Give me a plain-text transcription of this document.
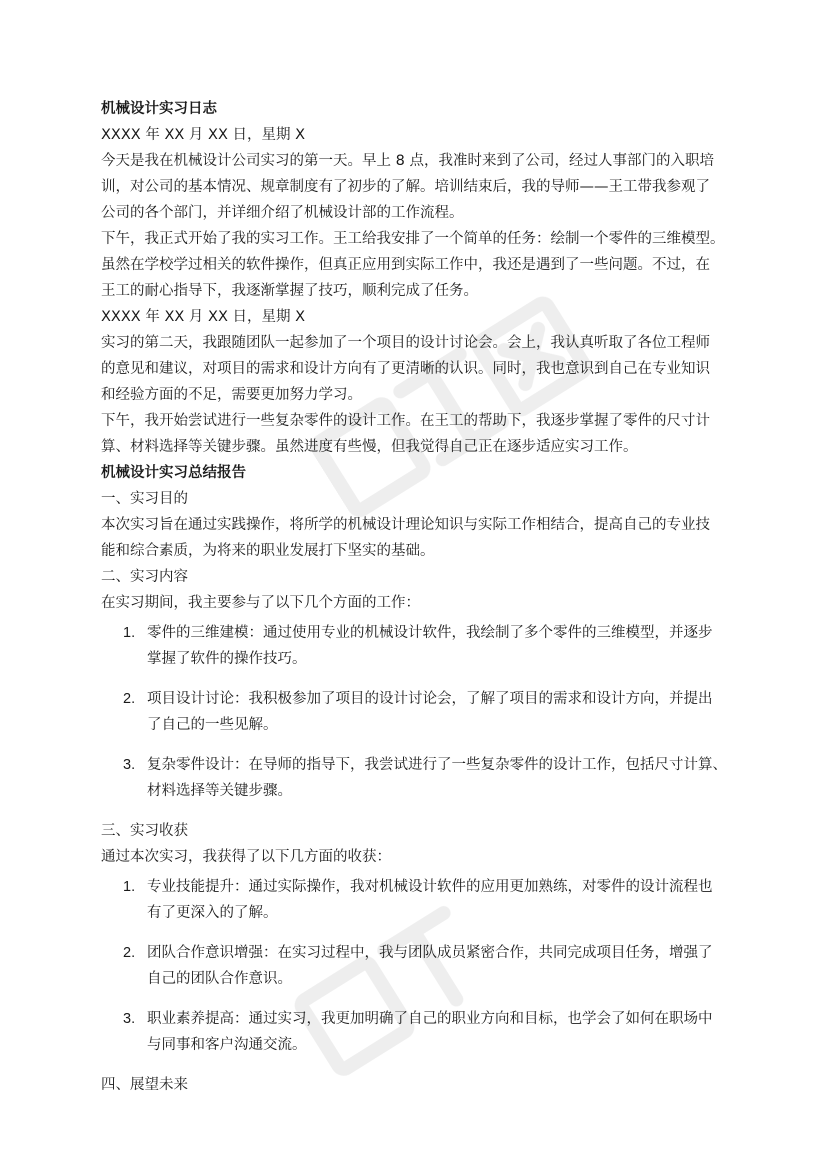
机械设计实习日志

XXXX 年 XX 月 XX 日，星期 X

今天是我在机械设计公司实习的第一天。早上 8 点，我准时来到了公司，经过人事部门的入职培

训，对公司的基本情况、规章制度有了初步的了解。培训结束后，我的导师——王工带我参观了

公司的各个部门，并详细介绍了机械设计部的工作流程。

下午，我正式开始了我的实习工作。王工给我安排了一个简单的任务：绘制一个零件的三维模型。

虽然在学校学过相关的软件操作，但真正应用到实际工作中，我还是遇到了一些问题。不过，在

王工的耐心指导下，我逐渐掌握了技巧，顺利完成了任务。

XXXX 年 XX 月 XX 日，星期 X

实习的第二天，我跟随团队一起参加了一个项目的设计讨论会。会上，我认真听取了各位工程师

的意见和建议，对项目的需求和设计方向有了更清晰的认识。同时，我也意识到自己在专业知识

和经验方面的不足，需要更加努力学习。

下午，我开始尝试进行一些复杂零件的设计工作。在王工的帮助下，我逐步掌握了零件的尺寸计

算、材料选择等关键步骤。虽然进度有些慢，但我觉得自己正在逐步适应实习工作。

机械设计实习总结报告

一、实习目的

本次实习旨在通过实践操作，将所学的机械设计理论知识与实际工作相结合，提高自己的专业技

能和综合素质，为将来的职业发展打下坚实的基础。

二、实习内容

在实习期间，我主要参与了以下几个方面的工作：

1. 零件的三维建模：通过使用专业的机械设计软件，我绘制了多个零件的三维模型，并逐步

掌握了软件的操作技巧。

2. 项目设计讨论：我积极参加了项目的设计讨论会，了解了项目的需求和设计方向，并提出

了自己的一些见解。

3. 复杂零件设计：在导师的指导下，我尝试进行了一些复杂零件的设计工作，包括尺寸计算、

材料选择等关键步骤。

三、实习收获

通过本次实习，我获得了以下几方面的收获：

1. 专业技能提升：通过实际操作，我对机械设计软件的应用更加熟练，对零件的设计流程也

有了更深入的了解。

2. 团队合作意识增强：在实习过程中，我与团队成员紧密合作，共同完成项目任务，增强了

自己的团队合作意识。

3. 职业素养提高：通过实习，我更加明确了自己的职业方向和目标，也学会了如何在职场中

与同事和客户沟通交流。

四、展望未来
